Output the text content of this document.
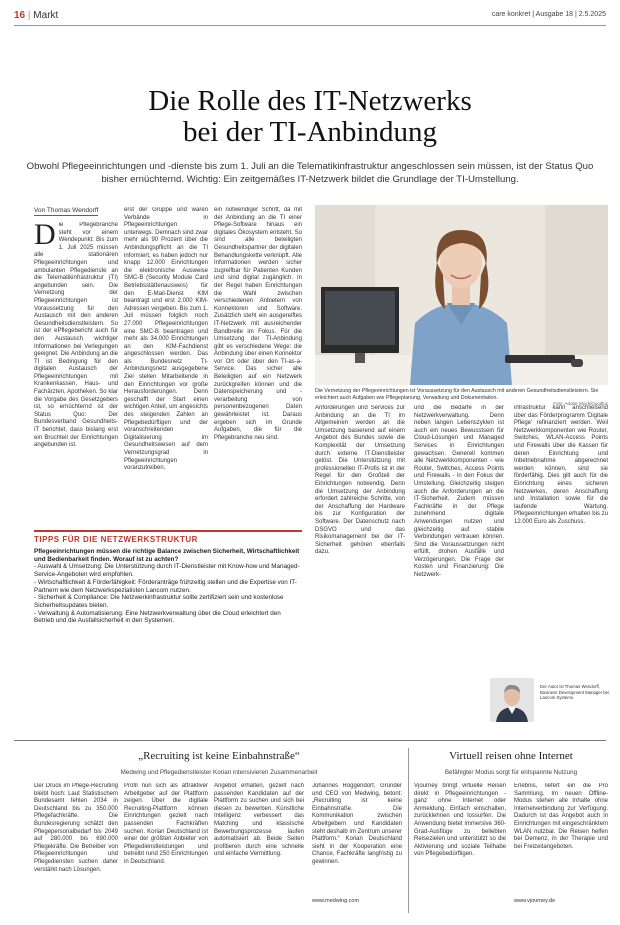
16 | Markt	care konkret | Ausgabe 18 | 2.5.2025
Die Rolle des IT-Netzwerks
bei der TI-Anbindung
Obwohl Pflegeeinrichtungen und -dienste bis zum 1. Juli an die Telematikinfrastruktur angeschlossen sein müssen, ist der Status Quo bisher ernüchternd. Wichtig: Ein zeitgemäßes IT-Netzwerk bildet die Grundlage der TI-Umstellung.
Von Thomas Wendorff
D ie Pflegebranche steht vor einem Wendepunkt: Bis zum 1. Juli 2025 müssen alle stationären Pflegeeinrichtungen und ambulanten Pflegedienste an die Telematikinfrastruktur (TI) angebunden sein. Die Vernetzung der Pflegeeinrichtungen ist Voraussetzung für den Austausch mit den anderen Gesundheitsdienstleistern. So ist der ePflegebericht auch für den Austausch wichtiger Informationen bei Verlegungen geeignet. Die Anbindung an die TI ist Bedingung für den digitalen Austausch der Pflegeeinrichtungen mit Krankenkassen, Haus- und Fachärzten, Apotheken. So klar die Vorgabe des Gesetzgebers ist, so ernüchternd ist der Status Quo: Der Bundesverband Gesundheits-IT berichtet, dass bislang erst ein Bruchteil der Einrichtungen angebunden ist.
erst der Gruppe und waren Verbände in Pflegeeinrichtungen unterwegs. Demnach sind zwar mehr als 90 Prozent über die Anbindungspflicht an die TI informiert, es haben jedoch nur knapp 12.000 Einrichtungen die elektronische Ausweise SMC-B (Security Module Card Betriebsstättenausweis) für den E-Mail-Dienst KIM beantragt und erst 2.000 KIM-Adressen vergeben. Bis zum 1. Juli müssen folglich noch 27.000 Pflegeeinrichtungen eine SMC-B beantragen und mehr als 34.000 Einrichtungen an den KIM-Fachdienst angeschlossen werden. Das als Bundesnetz TI-Anbindungsnetz ausgegebene Ziel stellen Mitarbeitende in den Einrichtungen vor große Herausforderungen. Denn geschafft der Start einen wichtigen Anteil, um angesichts des steigenden Zahlen an Pflegebedürftigen und der voranschreitenden Digitalisierung im Gesundheitswesen auf dem Vernetzungsgrad in Pflegeeinrichtungen voranzutreiben.
ein notwendiger Schritt, da mit der Anbindung an die TI einer Pflege-Software hinaus ein digitales Ökosystem entsteht. So sind alle beteiligten Gesundheitspartner der digitalen Behandlungskette verknüpft. Alle Informationen werden sicher zugreifbar für Patienten Kunden und sind digital zugänglich. In der Regel haben Einrichtungen die Wahl zwischen verschiedenen Anbietern von Konnektoren und Software. Zusätzlich steht ein ausgereiftes IT-Netzwerk mit ausreichender Bandbreite im Fokus. Für die Umsetzung der TI-Anbindung gibt es verschiedene Wege: die Anbindung über einen Konnektor vor Ort oder über den TI-as-a-Service. Das sicher alle Beteiligten auf ein Netzwerk zurückgreifen können und die Datenspeicherung und -verarbeitung von personenbezogenen Daten gewährleistet ist. Daraus ergeben sich im Grunde Aufgaben, die für die Pflegebranche neu sind.
Die Vernetzung der Pflegeeinrichtungen ist Voraussetzung für den Austausch mit anderen Gesundheitsdienstleistern. Sie erleichtert auch Aufgaben wie Pflegeplanung, Verwaltung und Dokumentation.
Foto: Adobe Stock/Goodluz
Anforderungen und Services zur Anbindung an die TI im Allgemeinen werden an die Umsetzung basierend auf einem Angebot des Bundes sowie die Komplexität der Umsetzung durch externe IT-Dienstleister gelöst. Die Unterstützung mit professionellen IT-Profis ist in der Regel für den Großteil der Einrichtungen notwendig. Denn die Umsetzung der Anbindung erfordert zahlreiche Schritte, von der Anschaffung der Hardware bis zur Konfiguration der Software. Der Datenschutz nach DSGVO und das Risikomanagement bei der IT-Sicherheit gehören ebenfalls dazu.
und die Bedarfe in der Netzwerkverwaltung. Denn neben langen Lebenszyklen ist auch ein neues Bewusstsein für Cloud-Lösungen und Managed Services in Einrichtungen gewachsen. Generell kommen alle Netzwerkkomponenten - wie Router, Switches, Access Points und Firewalls - in den Fokus der Umstellung. Gleichzeitig steigen auch die Anforderungen an die IT-Sicherheit. Zudem müssen Fachkräfte in der Pflege zunehmend digitale Anwendungen nutzen und gleichzeitig auf stabile Verbindungen vertrauen können. Sind die Voraussetzungen nicht erfüllt, drohen Ausfälle und Verzögerungen. Die Frage der Kosten und Finanzierung: Die Netzwerk-
infrastruktur kann anschließend über das Förderprogramm 'Digitale Pflege' refinanziert werden. Weil Netzwerkkomponenten wie Router, Switches, WLAN-Access Points und Firewalls über die Kassen für deren Einrichtung und Inbetriebnahme abgerechnet werden können, sind sie förderfähig. Dies gilt auch für die Einrichtung eines sicheren Netzwerkes, deren Anschaffung und Installation sowie für die laufende Wartung. Pflegeeinrichtungen erhalten bis zu 12.000 Euro als Zuschuss.
Der Autor ist Thomas Wendorff, Business Development Manager bei Lancom Systems.
TIPPS FÜR DIE NETZWERKSTRUKTUR
Pflegeeinrichtungen müssen die richtige Balance zwischen Sicherheit, Wirtschaftlichkeit und Bedienbarkeit finden. Worauf ist zu achten?
- Auswahl & Umsetzung: Die Unterstützung durch IT-Dienstleister mit Know-how und Managed-Service-Angeboten wird empfohlen.
- Wirtschaftlichkeit & Förderfähigkeit: Förderanträge frühzeitig stellen und die Expertise von IT-Partnern wie dem Netzwerkspezialisten Lancom nutzen.
- Sicherheit & Compliance: Die Netzwerkinfrastruktur sollte zertifiziert sein und kostenlose Sicherheitsupdates bieten.
- Verwaltung & Automatisierung: Eine Netzwerkverwaltung über die Cloud erleichtert den Betrieb und die Ausfallsicherheit in den Systemen.
„Recruiting ist keine Einbahnstraße“
Medwing und Pflegedienstleister Korian intensivieren Zusammenarbeit
Der Druck im Pflege-Recruiting bleibt hoch: Laut Statistischem Bundesamt fehlen 2034 in Deutschland bis zu 350.000 Pflegefachkräfte. Die Bundesregierung schätzt den Pflegepersonalbedarf bis 2049 auf 280.000 bis 690.000 Pflegekräfte. Die Betreiber von Pflegeeinrichtungen und Pflegediensten suchen daher verstärkt nach Lösungen.
Profil nun sich als attraktiver Arbeitgeber auf der Plattform zeigen. Über die digitale Recruiting-Plattform können Einrichtungen gezielt nach passenden Fachkräften suchen. Korian Deutschland ist einer der größten Anbieter von Pflegedienstleistungen und betreibt rund 250 Einrichtungen in Deutschland.
Angebot erhalten, gezielt nach passenden Kandidaten auf der Plattform zu suchen und sich bei diesen zu bewerben. Künstliche Intelligenz verbessert das Matching und klassische Bewerbungsprozesse laufen automatisiert ab. Beide Seiten profitieren durch eine schnelle und einfache Vermittlung.
Johannes Roggendorf, Gründer und CEO von Medwing, betont: „Recruiting ist keine Einbahnstraße. Die Kommunikation zwischen Arbeitgebern und Kandidaten steht deshalb im Zentrum unserer Plattform.“ Korian Deutschland sieht in der Kooperation eine Chance, Fachkräfte langfristig zu gewinnen.
www.medwing.com
Virtuell reisen ohne Internet
Befähigter Modus sorgt für entspannte Nutzung
Vjourney bringt virtuelle Reisen direkt in Pflegeeinrichtungen - ganz ohne Internet oder Anmeldung. Einfach einschalten, zurücklehnen und lossurfen. Die Anwendung bietet immersive 360-Grad-Ausflüge zu beliebten Reisezielen und unterstützt so die Aktivierung und soziale Teilhabe von Pflegebedürftigen.
Erlebnis, liefert ein die Pro Sammlung. Im neuen Offline-Modus stehen alle Inhalte ohne Internetverbindung zur Verfügung. Dadurch ist das Angebot auch in Einrichtungen mit eingeschränktem WLAN nutzbar. Die Reisen helfen bei Demenz, in der Therapie und bei Freizeitangeboten.
www.vjourney.de
